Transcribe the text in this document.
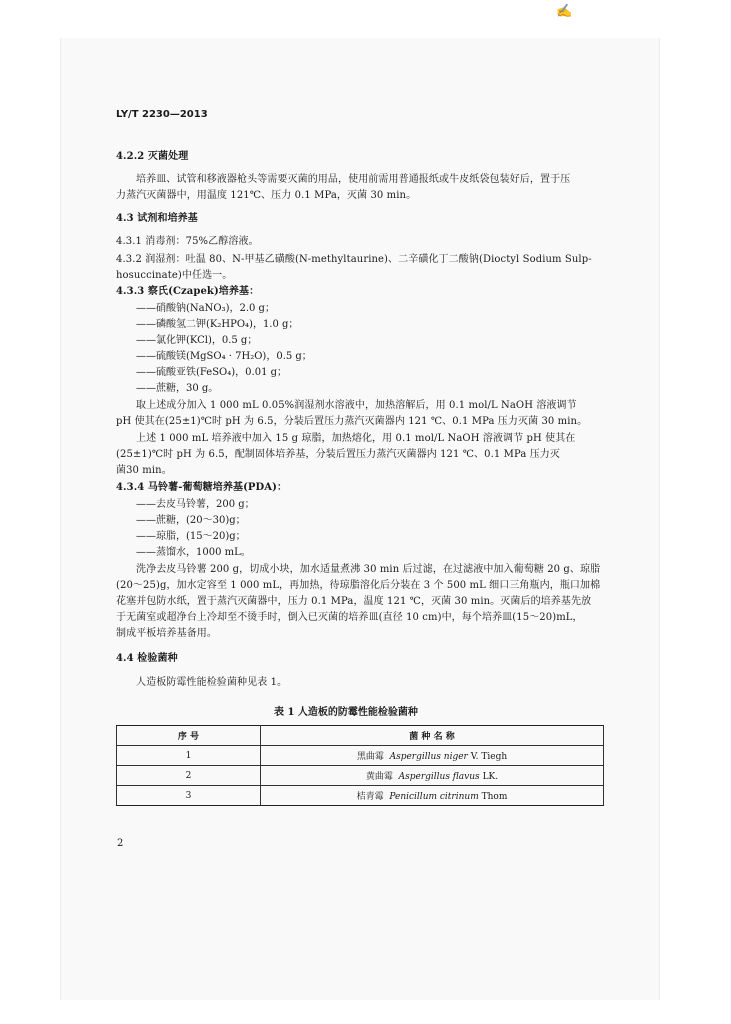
✍
LY/T 2230—2013
4.2.2 灭菌处理
培养皿、试管和移液器枪头等需要灭菌的用品，使用前需用普通报纸或牛皮纸袋包装好后，置于压
力蒸汽灭菌器中，用温度 121℃、压力 0.1 MPa，灭菌 30 min。
4.3 试剂和培养基
4.3.1 消毒剂：75%乙醇溶液。
4.3.2 润湿剂：吐温 80、N-甲基乙磺酸(N-methyltaurine)、二辛磺化丁二酸钠(Dioctyl Sodium Sulp-
hosuccinate)中任选一。
4.3.3 察氏(Czapek)培养基：
——硝酸钠(NaNO₃)，2.0 g；
——磷酸氢二钾(K₂HPO₄)，1.0 g；
——氯化钾(KCl)，0.5 g；
——硫酸镁(MgSO₄ · 7H₂O)，0.5 g；
——硫酸亚铁(FeSO₄)，0.01 g；
——蔗糖，30 g。
取上述成分加入 1 000 mL 0.05%润湿剂水溶液中，加热溶解后，用 0.1 mol/L NaOH 溶液调节
pH 使其在(25±1)℃时 pH 为 6.5，分装后置压力蒸汽灭菌器内 121 ℃、0.1 MPa 压力灭菌 30 min。
上述 1 000 mL 培养液中加入 15 g 琼脂，加热熔化，用 0.1 mol/L NaOH 溶液调节 pH 使其在
(25±1)℃时 pH 为 6.5，配制固体培养基，分装后置压力蒸汽灭菌器内 121 ℃、0.1 MPa 压力灭
菌30 min。
4.3.4 马铃薯-葡萄糖培养基(PDA)：
——去皮马铃薯，200 g；
——蔗糖，(20～30)g；
——琼脂，(15～20)g；
——蒸馏水，1000 mL。
洗净去皮马铃薯 200 g，切成小块，加水适量煮沸 30 min 后过滤，在过滤液中加入葡萄糖 20 g、琼脂
(20～25)g，加水定容至 1 000 mL，再加热，待琼脂溶化后分装在 3 个 500 mL 细口三角瓶内，瓶口加棉
花塞并包防水纸，置于蒸汽灭菌器中，压力 0.1 MPa，温度 121 ℃，灭菌 30 min。灭菌后的培养基先放
于无菌室或超净台上冷却至不烫手时，倒入已灭菌的培养皿(直径 10 cm)中，每个培养皿(15～20)mL，
制成平板培养基备用。
4.4 检验菌种
人造板防霉性能检验菌种见表 1。
表 1 人造板的防霉性能检验菌种
序 号	菌 种 名 称
1	黑曲霉 Aspergillus niger V. Tiegh
2	黄曲霉 Aspergillus flavus LK.
3	桔青霉 Penicillum citrinum Thom
2
